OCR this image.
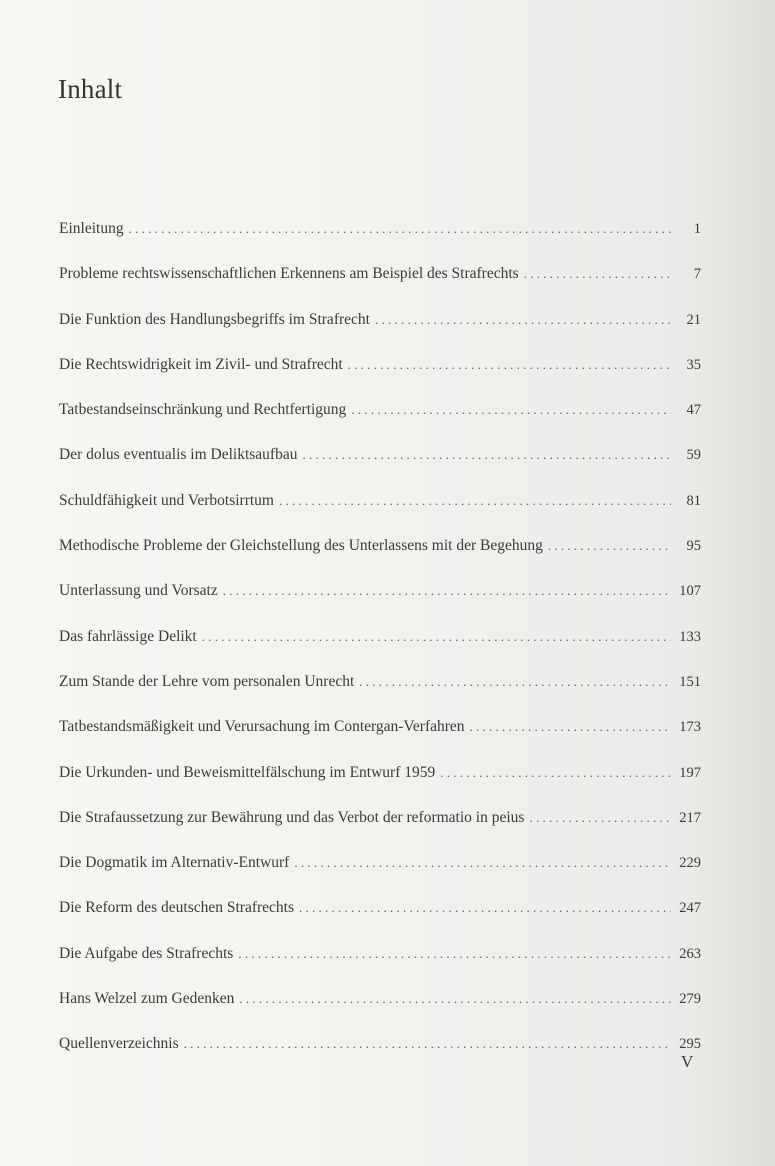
Inhalt
Einleitung . . .	1
Probleme rechtswissenschaftlichen Erkennens am Beispiel des Strafrechts . . .	7
Die Funktion des Handlungsbegriffs im Strafrecht . . .	21
Die Rechtswidrigkeit im Zivil- und Strafrecht . . .	35
Tatbestandseinschränkung und Rechtfertigung . . .	47
Der dolus eventualis im Deliktsaufbau . . .	59
Schuldfähigkeit und Verbotsirrtum . . .	81
Methodische Probleme der Gleichstellung des Unterlassens mit der Begehung . . .	95
Unterlassung und Vorsatz . . .	107
Das fahrlässige Delikt . . .	133
Zum Stande der Lehre vom personalen Unrecht . . .	151
Tatbestandsmäßigkeit und Verursachung im Contergan-Verfahren . . .	173
Die Urkunden- und Beweismittelfälschung im Entwurf 1959 . . .	197
Die Strafaussetzung zur Bewährung und das Verbot der reformatio in peius . . .	217
Die Dogmatik im Alternativ-Entwurf . . .	229
Die Reform des deutschen Strafrechts . . .	247
Die Aufgabe des Strafrechts . . .	263
Hans Welzel zum Gedenken . . .	279
Quellenverzeichnis . . .	295
V
